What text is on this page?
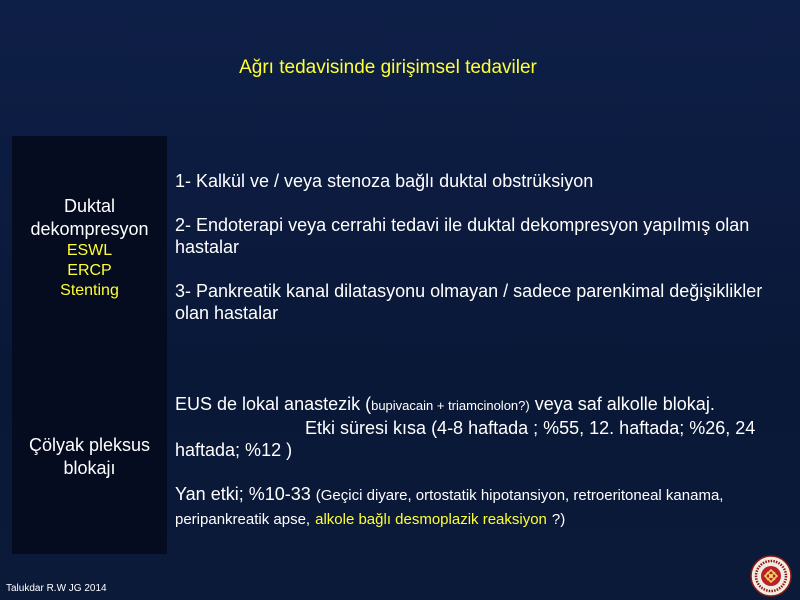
Ağrı tedavisinde girişimsel tedaviler
Duktal
dekompresyon
ESWL
ERCP
Stenting
Çölyak pleksus
blokajı

1- Kalkül ve / veya stenoza bağlı duktal obstrüksiyon

2- Endoterapi veya cerrahi tedavi ile duktal dekompresyon yapılmış olan hastalar

3- Pankreatik kanal dilatasyonu olmayan / sadece parenkimal değişiklikler olan hastalar

EUS de lokal anastezik (bupivacain + triamcinolon?) veya saf alkolle blokaj.Etki süresi kısa (4-8 haftada ; %55, 12. haftada; %26, 24 haftada; %12 )

Yan etki; %10-33 (Geçici diyare, ortostatik hipotansiyon, retroeritoneal kanama, peripankreatik apse, alkole bağlı desmoplazik reaksiyon ?)

Talukdar R.W JG 2014
